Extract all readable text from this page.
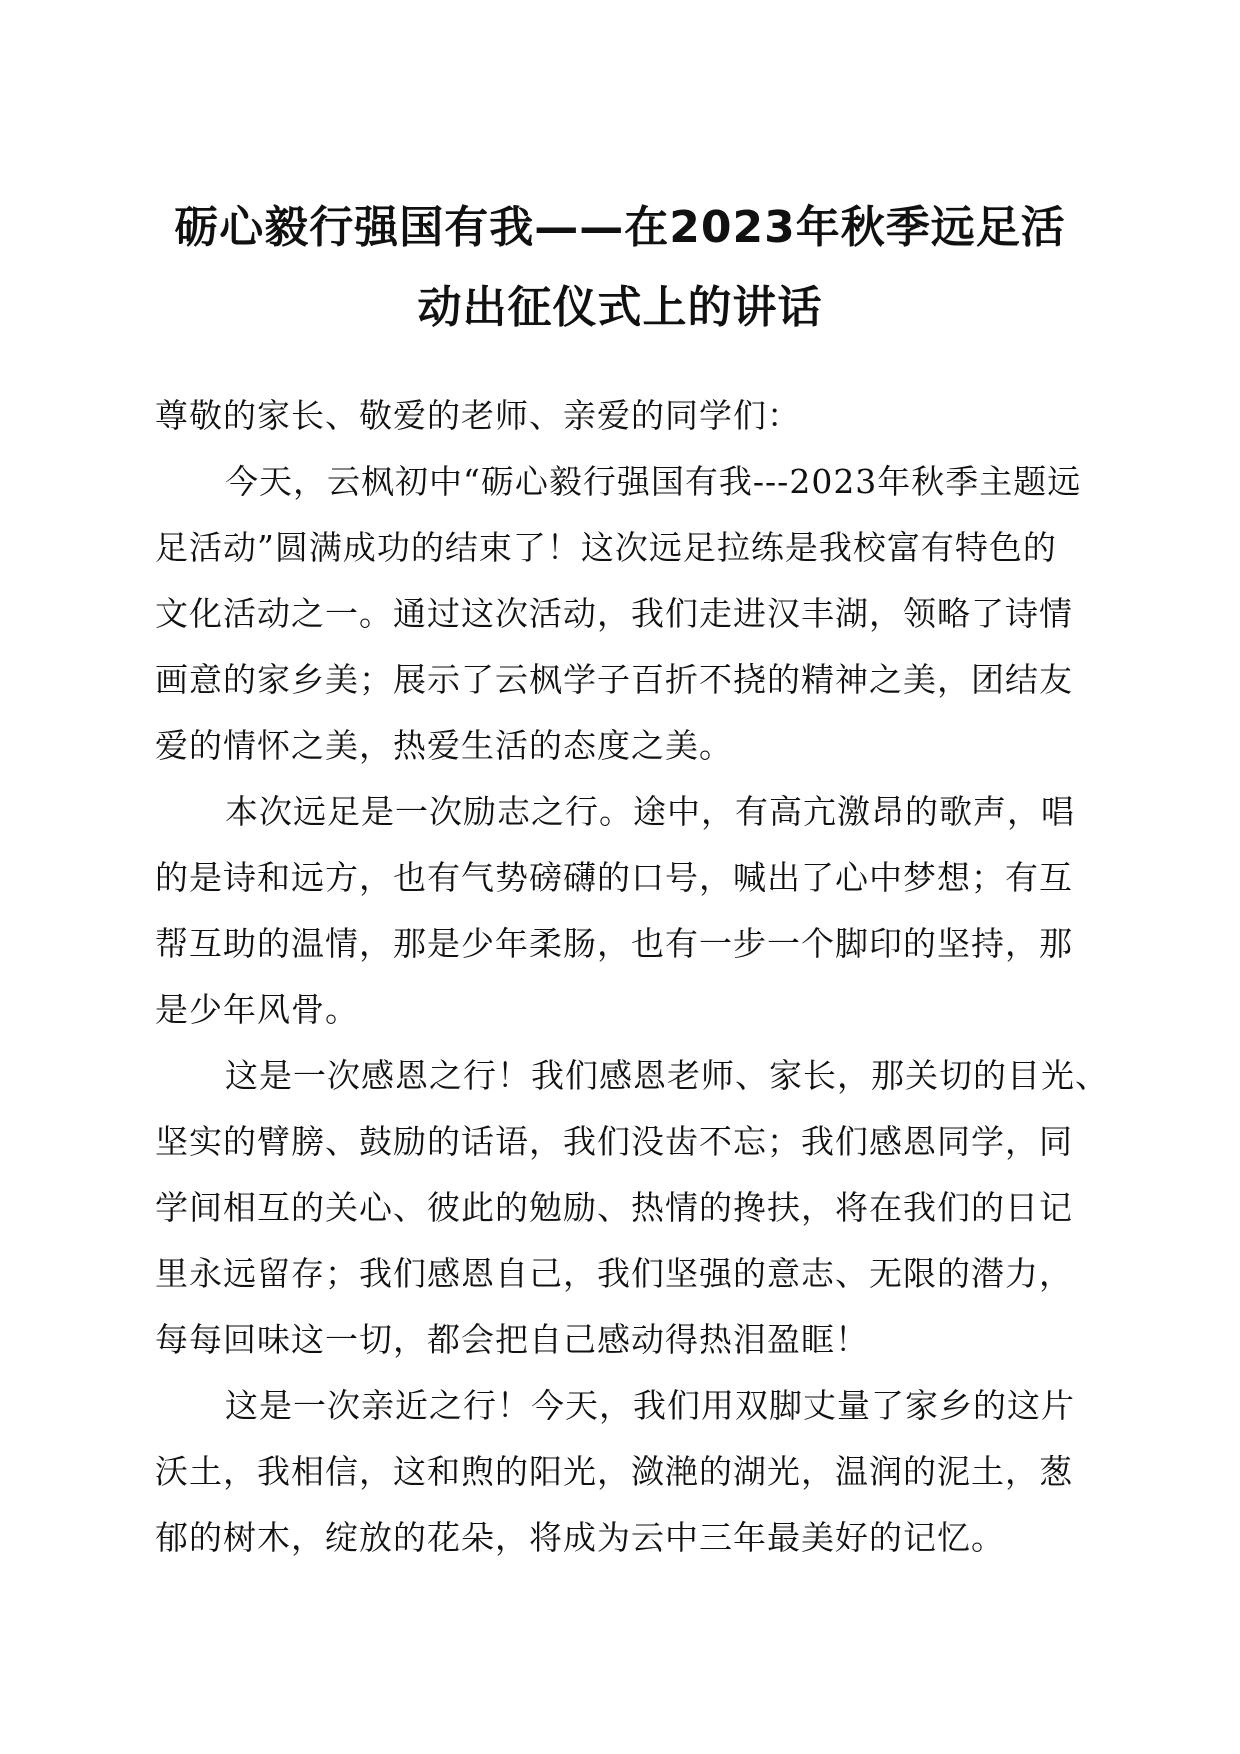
砺心毅行强国有我——在2023年秋季远足活
动出征仪式上的讲话
尊敬的家长、敬爱的老师、亲爱的同学们：
今天，云枫初中“砺心毅行强国有我---2023年秋季主题远
足活动”圆满成功的结束了！这次远足拉练是我校富有特色的
文化活动之一。通过这次活动，我们走进汉丰湖，领略了诗情
画意的家乡美；展示了云枫学子百折不挠的精神之美，团结友
爱的情怀之美，热爱生活的态度之美。
本次远足是一次励志之行。途中，有高亢激昂的歌声，唱
的是诗和远方，也有气势磅礴的口号，喊出了心中梦想；有互
帮互助的温情，那是少年柔肠，也有一步一个脚印的坚持，那
是少年风骨。
这是一次感恩之行！我们感恩老师、家长，那关切的目光、
坚实的臂膀、鼓励的话语，我们没齿不忘；我们感恩同学，同
学间相互的关心、彼此的勉励、热情的搀扶，将在我们的日记
里永远留存；我们感恩自己，我们坚强的意志、无限的潜力，
每每回味这一切，都会把自己感动得热泪盈眶！
这是一次亲近之行！今天，我们用双脚丈量了家乡的这片
沃土，我相信，这和煦的阳光，潋滟的湖光，温润的泥土，葱
郁的树木，绽放的花朵，将成为云中三年最美好的记忆。
